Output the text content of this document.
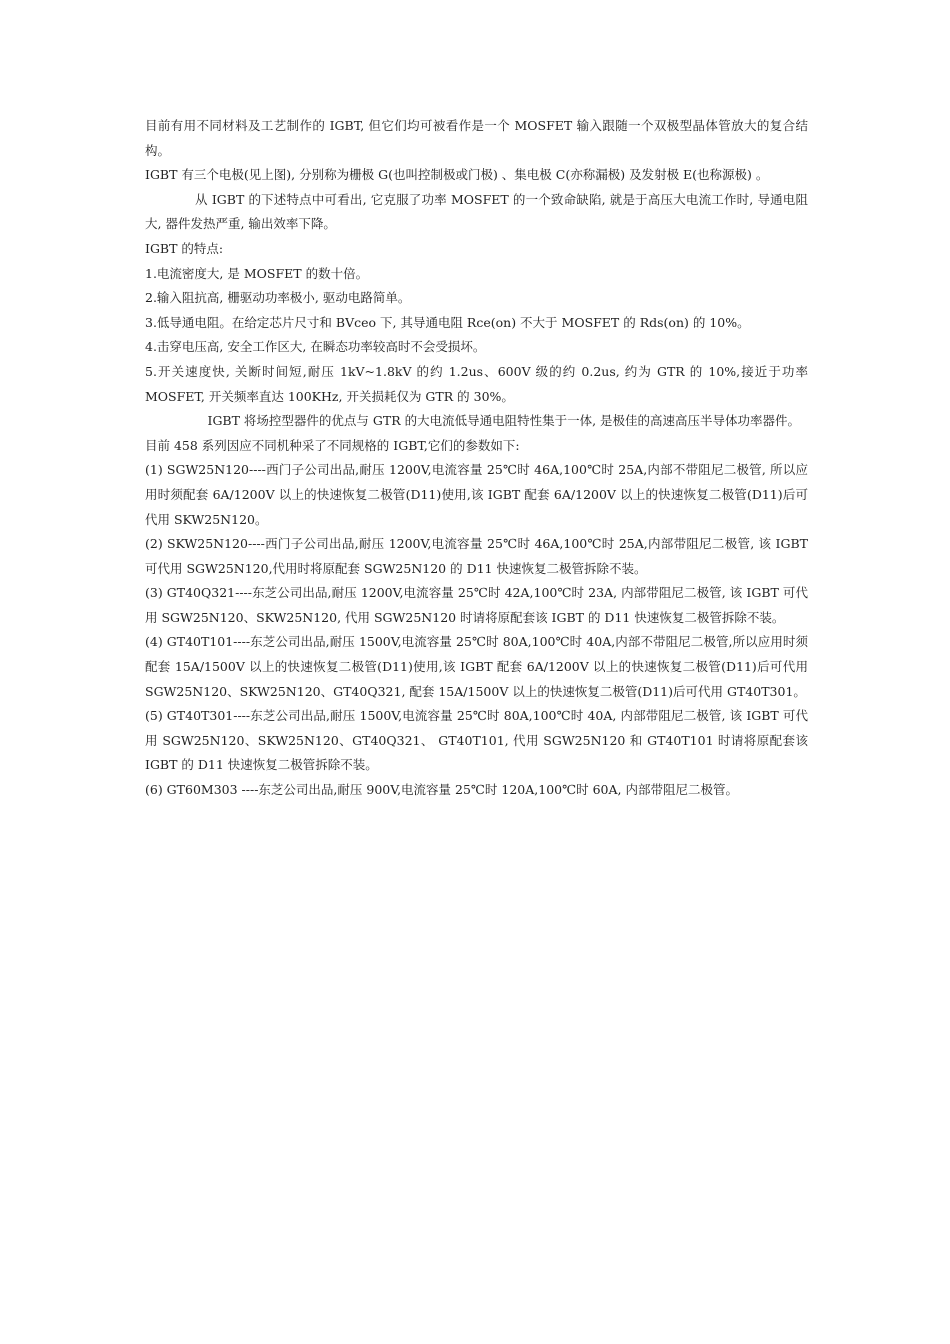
目前有用不同材料及工艺制作的 IGBT, 但它们均可被看作是一个 MOSFET 输入跟随一个双极型晶体管放大的复合结构。

IGBT 有三个电极(见上图), 分别称为栅极 G(也叫控制极或门极) 、集电极 C(亦称漏极) 及发射极 E(也称源极) 。

从 IGBT 的下述特点中可看出, 它克服了功率 MOSFET 的一个致命缺陷, 就是于高压大电流工作时, 导通电阻大, 器件发热严重, 输出效率下降。

IGBT 的特点:

1.电流密度大, 是 MOSFET 的数十倍。

2.输入阻抗高, 栅驱动功率极小, 驱动电路简单。

3.低导通电阻。在给定芯片尺寸和 BVceo 下, 其导通电阻 Rce(on) 不大于 MOSFET 的 Rds(on) 的 10%。

4.击穿电压高, 安全工作区大, 在瞬态功率较高时不会受损坏。

5.开关速度快, 关断时间短,耐压 1kV~1.8kV 的约 1.2us、600V 级的约 0.2us, 约为 GTR 的 10%,接近于功率 MOSFET, 开关频率直达 100KHz, 开关损耗仅为 GTR 的 30%。

IGBT 将场控型器件的优点与 GTR 的大电流低导通电阻特性集于一体, 是极佳的高速高压半导体功率器件。

目前 458 系列因应不同机种采了不同规格的 IGBT,它们的参数如下:

(1) SGW25N120----西门子公司出品,耐压 1200V,电流容量 25℃时 46A,100℃时 25A,内部不带阻尼二极管, 所以应用时须配套 6A/1200V 以上的快速恢复二极管(D11)使用,该 IGBT 配套 6A/1200V 以上的快速恢复二极管(D11)后可代用 SKW25N120。

(2) SKW25N120----西门子公司出品,耐压 1200V,电流容量 25℃时 46A,100℃时 25A,内部带阻尼二极管, 该 IGBT 可代用 SGW25N120,代用时将原配套 SGW25N120 的 D11 快速恢复二极管拆除不装。

(3) GT40Q321----东芝公司出品,耐压 1200V,电流容量 25℃时 42A,100℃时 23A, 内部带阻尼二极管, 该 IGBT 可代用 SGW25N120、SKW25N120, 代用 SGW25N120 时请将原配套该 IGBT 的 D11 快速恢复二极管拆除不装。

(4) GT40T101----东芝公司出品,耐压 1500V,电流容量 25℃时 80A,100℃时 40A,内部不带阻尼二极管,所以应用时须配套 15A/1500V 以上的快速恢复二极管(D11)使用,该 IGBT 配套 6A/1200V 以上的快速恢复二极管(D11)后可代用 SGW25N120、SKW25N120、GT40Q321, 配套 15A/1500V 以上的快速恢复二极管(D11)后可代用 GT40T301。

(5) GT40T301----东芝公司出品,耐压 1500V,电流容量 25℃时 80A,100℃时 40A, 内部带阻尼二极管, 该 IGBT 可代用 SGW25N120、SKW25N120、GT40Q321、 GT40T101, 代用 SGW25N120 和 GT40T101 时请将原配套该 IGBT 的 D11 快速恢复二极管拆除不装。

(6) GT60M303 ----东芝公司出品,耐压 900V,电流容量 25℃时 120A,100℃时 60A, 内部带阻尼二极管。
